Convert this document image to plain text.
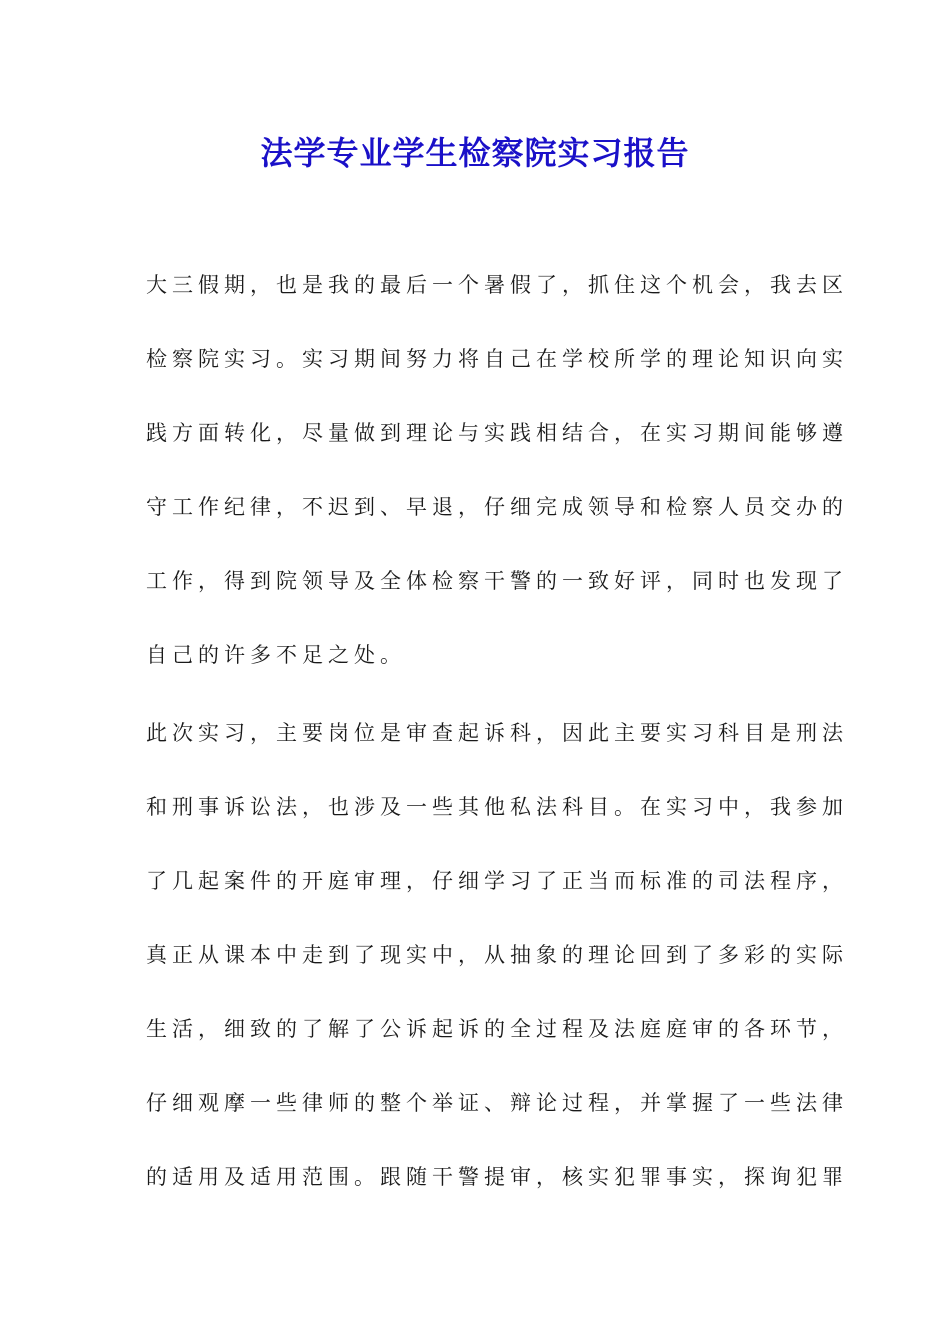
法学专业学生检察院实习报告
大三假期，也是我的最后一个暑假了，抓住这个机会，我去区
检察院实习。实习期间努力将自己在学校所学的理论知识向实
践方面转化，尽量做到理论与实践相结合，在实习期间能够遵
守工作纪律，不迟到、早退，仔细完成领导和检察人员交办的
工作，得到院领导及全体检察干警的一致好评，同时也发现了
自己的许多不足之处。
此次实习，主要岗位是审查起诉科，因此主要实习科目是刑法
和刑事诉讼法，也涉及一些其他私法科目。在实习中，我参加
了几起案件的开庭审理，仔细学习了正当而标准的司法程序，
真正从课本中走到了现实中，从抽象的理论回到了多彩的实际
生活，细致的了解了公诉起诉的全过程及法庭庭审的各环节，
仔细观摩一些律师的整个举证、辩论过程，并掌握了一些法律
的适用及适用范围。跟随干警提审，核实犯罪事实，探询犯罪
